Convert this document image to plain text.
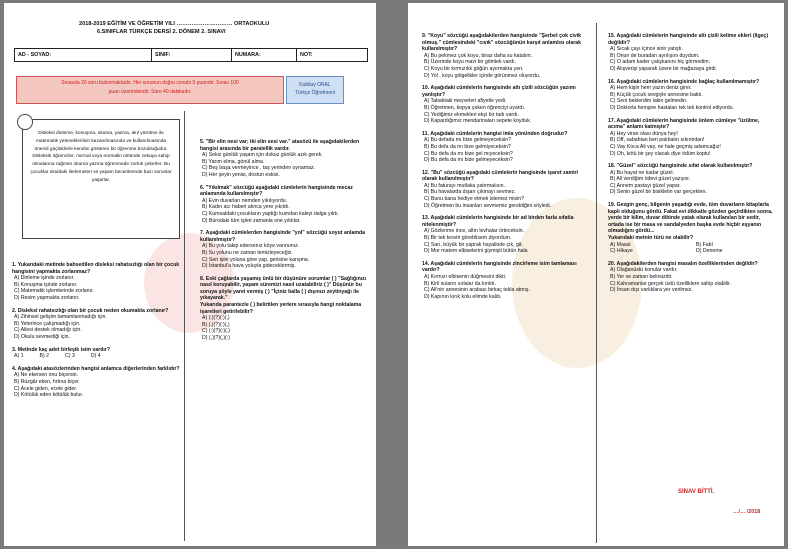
2018-2019 EĞİTİM VE ÖĞRETİM YILI ………………………… ORTAOKULU
6.SINIFLAR TÜRKÇE DERSİ 2. DÖNEM 2. SINAVI
AD - SOYAD:	SINIF:	NUMARA:	NOT:
Sınavda 20 soru bulunmaktadır. Her sorunun doğru cevabı 5 puandır. Sınav 100
puan üzerindendir. Süre 40 dakikadır.
Kubilay ORAL
Türkçe Öğretmeni
Disleksi dinleme, konuşma, okuma, yazma, akıl yürütme ile matematik yetenekleriinin kazanılmasında ve kullanılmasında önemli güçlüklerle kendini gösteren bir öğrenme bozukluğudur. Disleksik öğrenciler, normal veya normalin üstünde zekaya sahip olmalarına rağmen okuma yazma öğrenmede zorluk çekerler. Bu çocuklar okuldaki ilerlemeleri ve yaşam becerilerinde bazı sorunlar yaşarlar.
1. Yukarıdaki metinde bahsedilen disleksi rahatsızlığı olan bir çocuk hangisini yapmakta zorlanmaz?
A) Dinleme işinde zorlanır.
B) Konuşma işinde zorlanır.
C) Matematik işlemlerinde zorlanır.
D) Resim yapmakta zorlanır.
2. Disleksi rahatsızlığı olan bir çocuk neden okumakta zorlanır?
A) Zihinsel gelişim tamamlanmadığı için.
B) Yeterince çalışmadığı için.
C) Ailesi destek olmadığı için.
D) Okulu sevmediği için.
3. Metinde kaç adet birleşik isim vardır?
A) 1	B) 2	C) 3	D) 4
4. Aşağıdaki atasözlerinden hangisi anlamca diğerlerinden farklıdır?
A) Ne ekersen onu biçersin.
B) Rüzgâr eken, fırtına biçer.
C) Acele giden, ecele gider.
D) Kötülük eden kötülük bulur.
5. "Bir elin nesi var; iki elin sesi var." atasözü ile aşağıdakilerden hangisi arasında bir paralellik vardır.
A) Sekiz günlük yaşam için dokuz günlük azık gerek.
B) Yarım elma, gönül alma.
C) Beş başa vermeyince , taş yerinden oynamaz.
D) Her şeyin yenisi, dostun eskisi.
6. "Yıkılmak" sözcüğü aşağıdaki cümlelerin hangisinde mecaz anlamında kullanılmıştır?
A) Evin duvarları nemden yıkılıyordu.
B) Kadın acı haberi alınca yere yıkıldı.
C) Kumsaldaki çocukların yaptığı kumdan kaleyi dalga yıktı.
D) Bürodaki tüm işleri zamanla one yıktılar.
7. Aşağıdaki cümlelerden hangisinde "yol" sözcüğü soyut anlamda kullanılmıştır?
A) Bu yolu takip edersenız köye varırsınız.
B) Su yolunu ne zaman temizleyeceğiz.
C) Sen işini yoluna göre yap, gerisine karışma.
D) İstanbul'a hava yoluyla gideceklermiş.
8. Eski çağlarda yaşamış ünlü bir düşünüre sorumlar ( ) "Sağlığınızı nasıl koruyabilir, yaşam süremizi nasıl uzatabiliriz ( )" Düşünür bu soruya şöyle yanıt vermiş ( ) "İçiniz balla ( ) dışınızı zeytinyağı ile yıkayarak."
Yukarıda parantezle ( ) belirtilen yerlere sırasıyla hangi noktalama işaretleri getirilebilir?
A) (:)(?)(:)(,)
B) (,)(?)(:)(,)
C) (:)(?)(:)(,)
D) (,)(?)(,)(:)
9. "Koyu" sözcüğü aşağıdakilerden hangisinde "Şerbet çok civik olmuş." cümlesindeki "cıvık" sözcüğünün karşıt anlamlısı olarak kullanılmıştır?
A) Bu pekmez çok koyu, biraz daha su katalım.
B) Üzerinde koyu mavi bir gömlek vardı.
C) Koyu bir kırmızılık göğün ayırmakta yeri.
D) Yol , koyu gölgelikler içinde görünmez oluyordu.
10. Aşağıdaki cümlelerin hangisinde altı çizili sözcüğün yazımı yanlıştır?
A) Tabaktaki meyveleri afiyetle yedi.
B) Öğretmen, kopya çeken öğrenciyi uyardı.
C) Yediğimiz ekmekleri ekşi bir tadı vardı.
D) Kapardığımız mendarinaları sepete koyduk.
11. Aşağıdaki cümlelerin hangisi imla yönünden doğrudur?
A) Bu defada mı bize gelmeyeceksin?
B) Bu defa da mı bize gelmiyeceksin?
C) Bu defa da mı bize gel mıyeceksin?
D) Bu defa da mı bize gelmeyeceksin?
12. "Bu" sözcüğü aşağıdaki cümlelerin hangisinde işaret zamiri olarak kullanılmıştır?
A) Bu faturayı mutlaka yatırmalısın.
B) Bu havalarda dışarı çıkmayı sevmez.
C) Bunu bana hediye etmek istemez misin?
D) Öğretmen bu insanları sevmemiz gerektiğini söyledi.
13. Aşağıdaki cümlelerin hangisinde bir ad birden fazla sıfatla nitelenmiştir?
A) Gözlerime ince, altın levhalar örteceksin.
B) Bir tek tesviri göreblisem diyordum.
C) Sarı, büyük bir yaprak hayalinde çık, git.
D) Mor matem elbiselerini giymişti bütün hala
14. Aşağıdaki cümlelerin hangisinde zincirleme isim tamlaması vardır?
A) Kırmızı elbisenin düğmesini dikti.
B) Kirli suların sırlalar da kırıktı.
C) Ali'nin annesinin arabası birkaç tekla atmış.
D) Kapının kırık kolu elimde kaldı.
15. Aşağıdaki cümlelerin hangisinde altı çizili kelime ekleri (ilgeç) değildir?
A) Sıcak çayı içince sinir yatıştı.
B) Onun de buradan ayrılışını duydum.
C) O adam kader çalışkanını hiç görmedim.
D) Alışverişi yaparak üzere bir mağazaya girdi.
16. Aşağıdaki cümlelerin hangisinde bağlaç kullanılmamıştır?
A) Hem kişin hem yazın deniz girer.
B) Küçük çocuk sevgiyle annesine baktı.
C) Seni beklerdim lakin gelmedin.
D) Doktorla hemşire hastaları tek tek kontrol ediyordu.
17. Aşağıdaki cümlelerin hangisinde ünlem cümleye "üzülme, acıma" anlamı katmıştır?
A) Hey viran olası dünya hey!
B) Off, sabahtan beri palıbatın sıkıntıdan!
C) Vay Koca Ali vay, ne hale geçmiş adamcağız!
D) Oh, kötü bir şey olacak diye ödüm koptu!
18. "Güzel" sözcüğü hangisinde sıfat olarak kullanılmıştır?
A) Bu hayat ne kadar güzel.
B) Ali verdiğim ödevi güzel yazıyor.
C) Annem pastayı güzel yapar.
D) Senin güzel bir bisikletin var gerçekten.
19. Gezgin genç, bilgenin yaşadığı evde, tüm duvarların kitaplarla kaplı olduğunu gördü. Fakat evi dikkatle gözden geçirdikten sonra, yerde bir kilim, duvar dibinde yatak olarak kullanılan bir sedir, ortada ise bir masa ve sandalyeden başka evde hiçbir eşyanın olmadığını gördü...
Yukarıdaki metnin türü ne olabilir?
A) Masal	B) Fabl
C) Hikaye	D) Deneme
20. Aşağıdakilerden hangisi masalın özelliklerinden değildir?
A) Olağanüstü konular vardır.
B) Yer ve zaman belirsizdir.
C) Kahramanlar gerçek üstü özelliklere sahip olabilir.
D) İnsan dışı varlıklara yer verilmez.
SINAV BİTTİ.
…/… /2018
